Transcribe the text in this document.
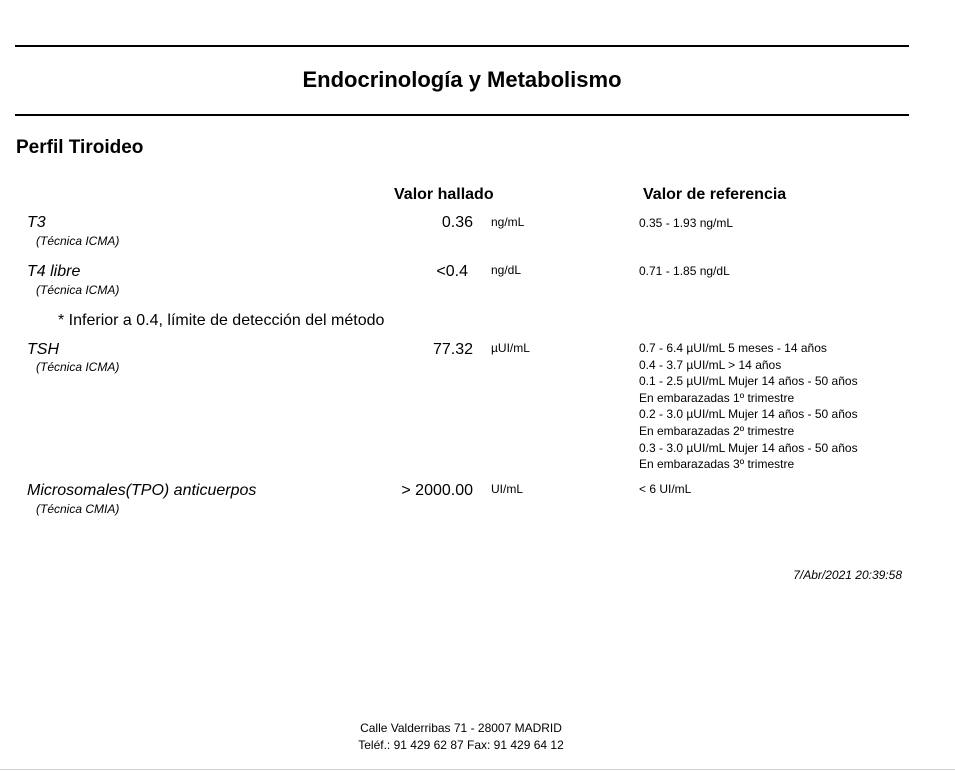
Endocrinología y Metabolismo
Perfil Tiroideo
Valor hallado	Valor de referencia
T3
(Técnica ICMA)
0.36 ng/mL	0.35 - 1.93 ng/mL
T4 libre
(Técnica ICMA)
<0.4 ng/dL	0.71 - 1.85 ng/dL
* Inferior a 0.4, límite de detección del método
TSH
(Técnica ICMA)
77.32 µUI/mL	0.7 - 6.4 µUI/mL 5 meses - 14 años
0.4 - 3.7 µUI/mL > 14 años
0.1 - 2.5 µUI/mL Mujer 14 años - 50 años
En embarazadas 1º trimestre
0.2 - 3.0 µUI/mL Mujer 14 años - 50 años
En embarazadas 2º trimestre
0.3 - 3.0 µUI/mL Mujer 14 años - 50 años
En embarazadas 3º trimestre
Microsomales(TPO) anticuerpos
(Técnica CMIA)
> 2000.00 UI/mL	< 6 UI/mL
7/Abr/2021 20:39:58
Calle Valderribas 71 - 28007 MADRID
Teléf.: 91 429 62 87 Fax: 91 429 64 12
